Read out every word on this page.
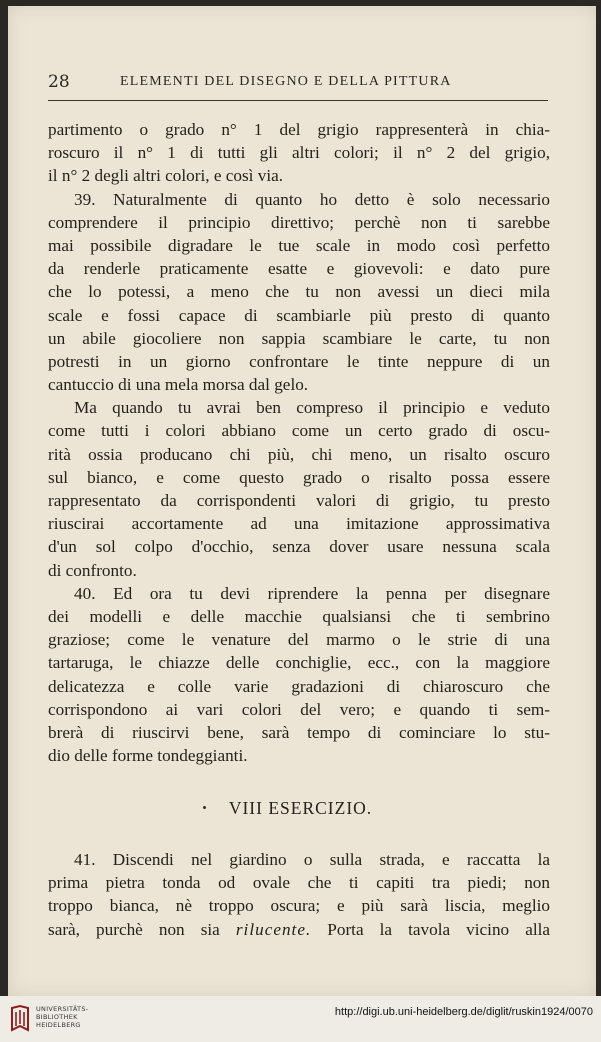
28	ELEMENTI DEL DISEGNO E DELLA PITTURA
partimento o grado n° 1 del grigio rappresenterà in chia-
roscuro il n° 1 di tutti gli altri colori; il n° 2 del grigio,
il n° 2 degli altri colori, e così via.
39. Naturalmente di quanto ho detto è solo necessario
comprendere il principio direttivo; perchè non ti sarebbe
mai possibile digradare le tue scale in modo così perfetto
da renderle praticamente esatte e giovevoli: e dato pure
che lo potessi, a meno che tu non avessi un dieci mila
scale e fossi capace di scambiarle più presto di quanto
un abile giocoliere non sappia scambiare le carte, tu non
potresti in un giorno confrontare le tinte neppure di un
cantuccio di una mela morsa dal gelo.
Ma quando tu avrai ben compreso il principio e veduto
come tutti i colori abbiano come un certo grado di oscu-
rità ossia producano chi più, chi meno, un risalto oscuro
sul bianco, e come questo grado o risalto possa essere
rappresentato da corrispondenti valori di grigio, tu presto
riuscirai accortamente ad una imitazione approssimativa
d'un sol colpo d'occhio, senza dover usare nessuna scala
di confronto.
40. Ed ora tu devi riprendere la penna per disegnare
dei modelli e delle macchie qualsiansi che ti sembrino
graziose; come le venature del marmo o le strie di una
tartaruga, le chiazze delle conchiglie, ecc., con la maggiore
delicatezza e colle varie gradazioni di chiaroscuro che
corrispondono ai vari colori del vero; e quando ti sem-
brerà di riuscirvi bene, sarà tempo di cominciare lo stu-
dio delle forme tondeggianti.
VIII ESERCIZIO.
41. Discendi nel giardino o sulla strada, e raccatta la
prima pietra tonda od ovale che ti capiti tra piedi; non
troppo bianca, nè troppo oscura; e più sarà liscia, meglio
sarà, purchè non sia rilucente. Porta la tavola vicino alla
UNIVERSITÄTS-
BIBLIOTHEK
HEIDELBERG
http://digi.ub.uni-heidelberg.de/diglit/ruskin1924/0070
